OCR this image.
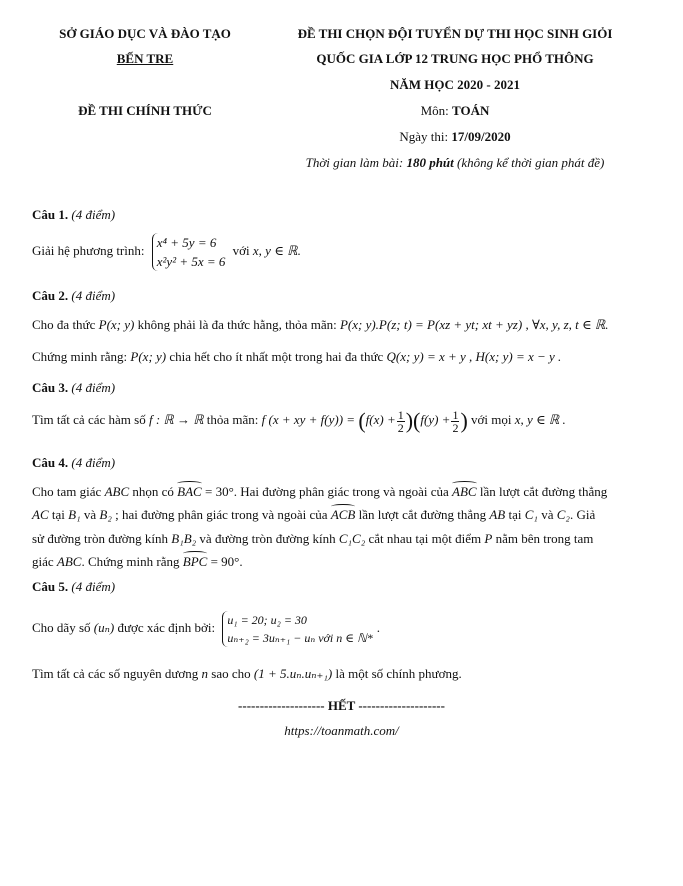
SỞ GIÁO DỤC VÀ ĐÀO TẠO
BẾN TRE
ĐỀ THI CHÍNH THỨC
ĐỀ THI CHỌN ĐỘI TUYỂN DỰ THI HỌC SINH GIỎI
QUỐC GIA LỚP 12 TRUNG HỌC PHỔ THÔNG
NĂM HỌC 2020 - 2021
Môn: TOÁN
Ngày thi: 17/09/2020
Thời gian làm bài: 180 phút (không kể thời gian phát đề)
Câu 1. (4 điểm)
Giải hệ phương trình:
x⁴ + 5y = 6
x²y² + 5x = 6
với x, y ∈ ℝ.
Câu 2. (4 điểm)
Cho đa thức P(x; y) không phải là đa thức hằng, thỏa mãn: P(x; y).P(z; t) = P(xz + yt; xt + yz) , ∀x, y, z, t ∈ ℝ.
Chứng minh rằng: P(x; y) chia hết cho ít nhất một trong hai đa thức Q(x; y) = x + y , H(x; y) = x − y .
Câu 3. (4 điểm)
Tìm tất cả các hàm số f : ℝ → ℝ thỏa mãn: f (x + xy + $f(y)) = (f(x) + \frac{1}{2} )(f(y) + \frac{1}{2}$ ) với mọi x, y ∈ ℝ .
Câu 4. (4 điểm)
Cho tam giác ABC nhọn có BAC = 30°. Hai đường phân giác trong và ngoài của ABC lần lượt cắt đường thẳng
AC tại B₁ và B₂ ; hai đường phân giác trong và ngoài của ACB lần lượt cắt đường thẳng AB tại C₁ và C₂. Giả
sử đường tròn đường kính B₁B₂ và đường tròn đường kính C₁C₂ cắt nhau tại một điểm P nằm bên trong tam
giác ABC. Chứng minh rằng BPC = 90°.
Câu 5. (4 điểm)
Cho dãy số (uₙ) được xác định bởi: u₁ = 20; u₂ = 30
uₙ₊₂ = 3uₙ₊₁ − uₙ với n ∈ ℕ*
.
Tìm tất cả các số nguyên dương n sao cho (1 + 5.uₙ.uₙ₊₁) là một số chính phương.
-------------------- HẾT --------------------
https://toanmath.com/
